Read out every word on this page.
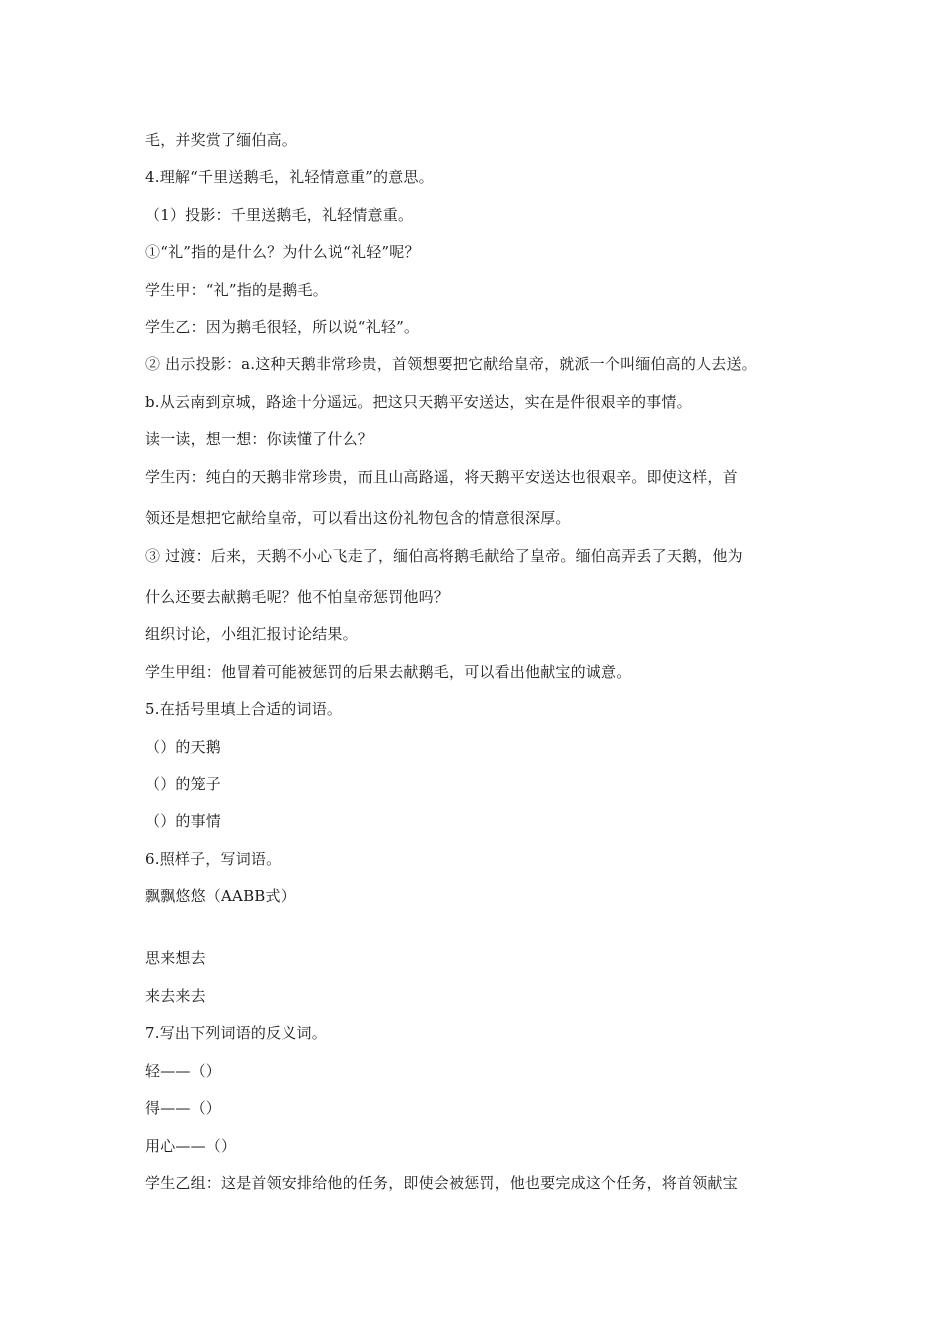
毛，并奖赏了缅伯高。
4.理解“千里送鹅毛，礼轻情意重”的意思。
（1）投影：千里送鹅毛，礼轻情意重。
①“礼”指的是什么？为什么说“礼轻”呢？
学生甲：“礼”指的是鹅毛。
学生乙：因为鹅毛很轻，所以说“礼轻”。
② 出示投影：a.这种天鹅非常珍贵，首领想要把它献给皇帝，就派一个叫缅伯高的人去送。
b.从云南到京城，路途十分遥远。把这只天鹅平安送达，实在是件很艰辛的事情。
读一读，想一想：你读懂了什么？
学生丙：纯白的天鹅非常珍贵，而且山高路遥，将天鹅平安送达也很艰辛。即使这样，首
领还是想把它献给皇帝，可以看出这份礼物包含的情意很深厚。
③ 过渡：后来，天鹅不小心飞走了，缅伯高将鹅毛献给了皇帝。缅伯高弄丢了天鹅，他为
什么还要去献鹅毛呢？他不怕皇帝惩罚他吗？
组织讨论，小组汇报讨论结果。
学生甲组：他冒着可能被惩罚的后果去献鹅毛，可以看出他献宝的诚意。
5.在括号里填上合适的词语。
（）的天鹅
（）的笼子
（）的事情
6.照样子，写词语。
飘飘悠悠（AABB式）
思来想去
来去来去
7.写出下列词语的反义词。
轻——（）
得——（）
用心——（）
学生乙组：这是首领安排给他的任务，即使会被惩罚，他也要完成这个任务，将首领献宝
